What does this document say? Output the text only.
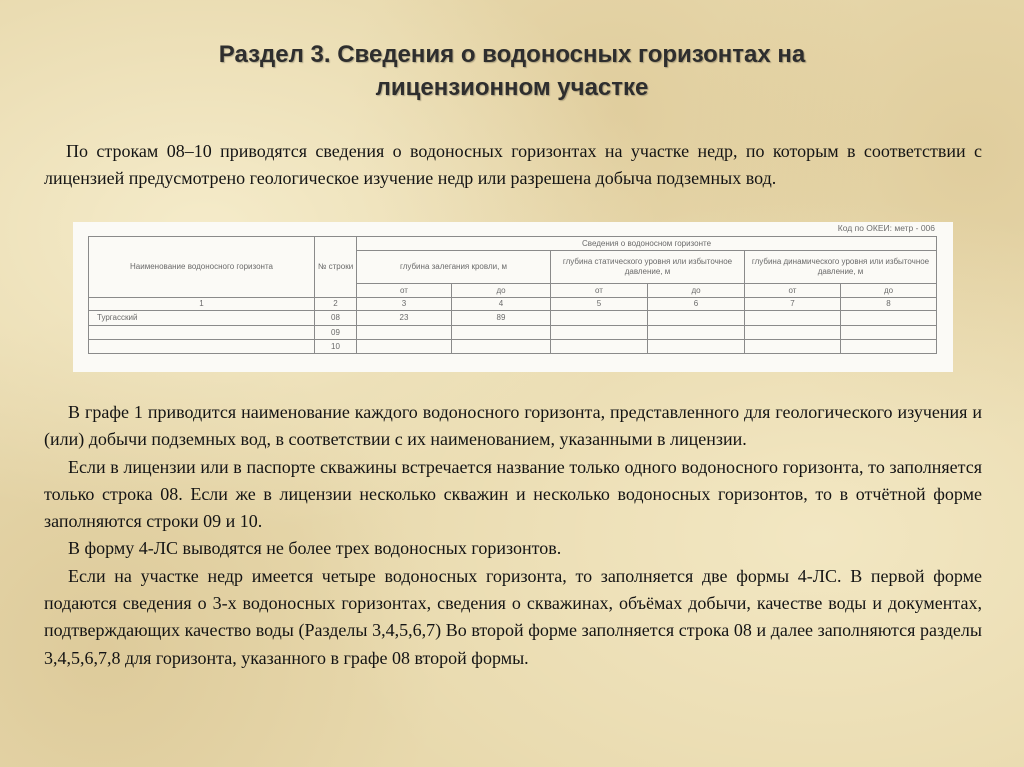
Раздел 3. Сведения о водоносных горизонтах на
лицензионном участке

По строкам 08–10 приводятся сведения о водоносных горизонтах на участке недр, по которым в соответствии с лицензией предусмотрено геологическое изучение недр или разрешена добыча подземных вод.

Код по ОКЕИ: метр - 006
Наименование водоносного горизонта	№ строки	Сведения о водоносном горизонте					
		глубина залегания кровли, м		глубина статического уровня или избыточное давление, м		глубина динамического уровня или избыточное давление, м	
		от	до	от	до	от	до
1	2	3	4	5	6	7	8
Тургасский	08	23	89				
	09						
	10						

В графе 1 приводится наименование каждого водоносного горизонта, представленного для геологического изучения и (или) добычи подземных вод, в соответствии с их наименованием, указанными в лицензии.

Если в лицензии или в паспорте скважины встречается название только одного водоносного горизонта, то заполняется только строка 08. Если же в лицензии несколько скважин и несколько водоносных горизонтов, то в отчётной форме заполняются строки 09 и 10.

В форму 4-ЛС выводятся не более трех водоносных горизонтов.

Если на участке недр имеется четыре водоносных горизонта, то заполняется две формы 4-ЛС. В первой форме подаются сведения о 3-х водоносных горизонтах, сведения о скважинах, объёмах добычи, качестве воды и документах, подтверждающих качество воды (Разделы 3,4,5,6,7) Во второй форме заполняется строка 08 и далее заполняются разделы 3,4,5,6,7,8 для горизонта, указанного в графе 08 второй формы.
